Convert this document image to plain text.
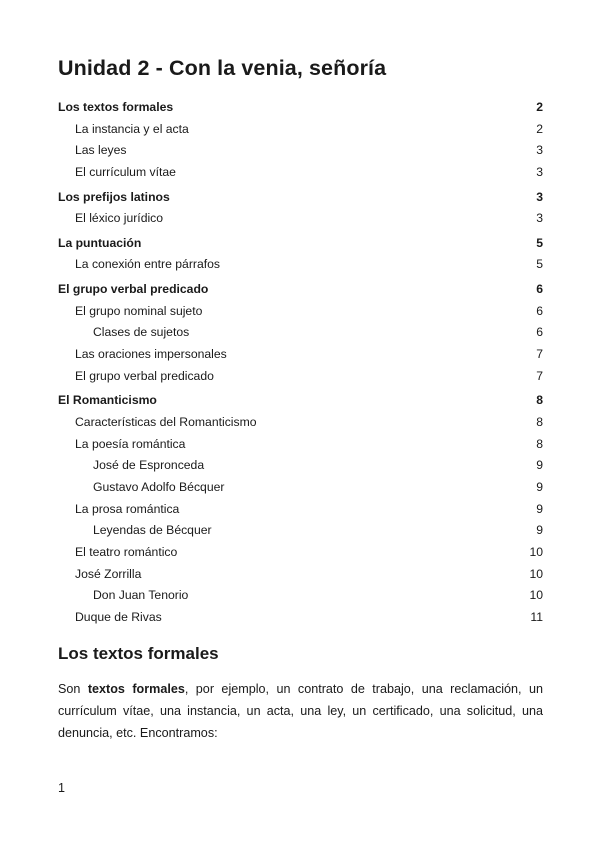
Unidad 2 - Con la venia, señoría
Los textos formales	2
La instancia y el acta	2
Las leyes	3
El currículum vítae	3
Los prefijos latinos	3
El léxico jurídico	3
La puntuación	5
La conexión entre párrafos	5
El grupo verbal predicado	6
El grupo nominal sujeto	6
Clases de sujetos	6
Las oraciones impersonales	7
El grupo verbal predicado	7
El Romanticismo	8
Características del Romanticismo	8
La poesía romántica	8
José de Espronceda	9
Gustavo Adolfo Bécquer	9
La prosa romántica	9
Leyendas de Bécquer	9
El teatro romántico	10
José Zorrilla	10
Don Juan Tenorio	10
Duque de Rivas	11
Los textos formales

Son textos formales, por ejemplo, un contrato de trabajo, una reclamación, un currículum vítae, una instancia, un acta, una ley, un certificado, una solicitud, una denuncia, etc. Encontramos:

1
